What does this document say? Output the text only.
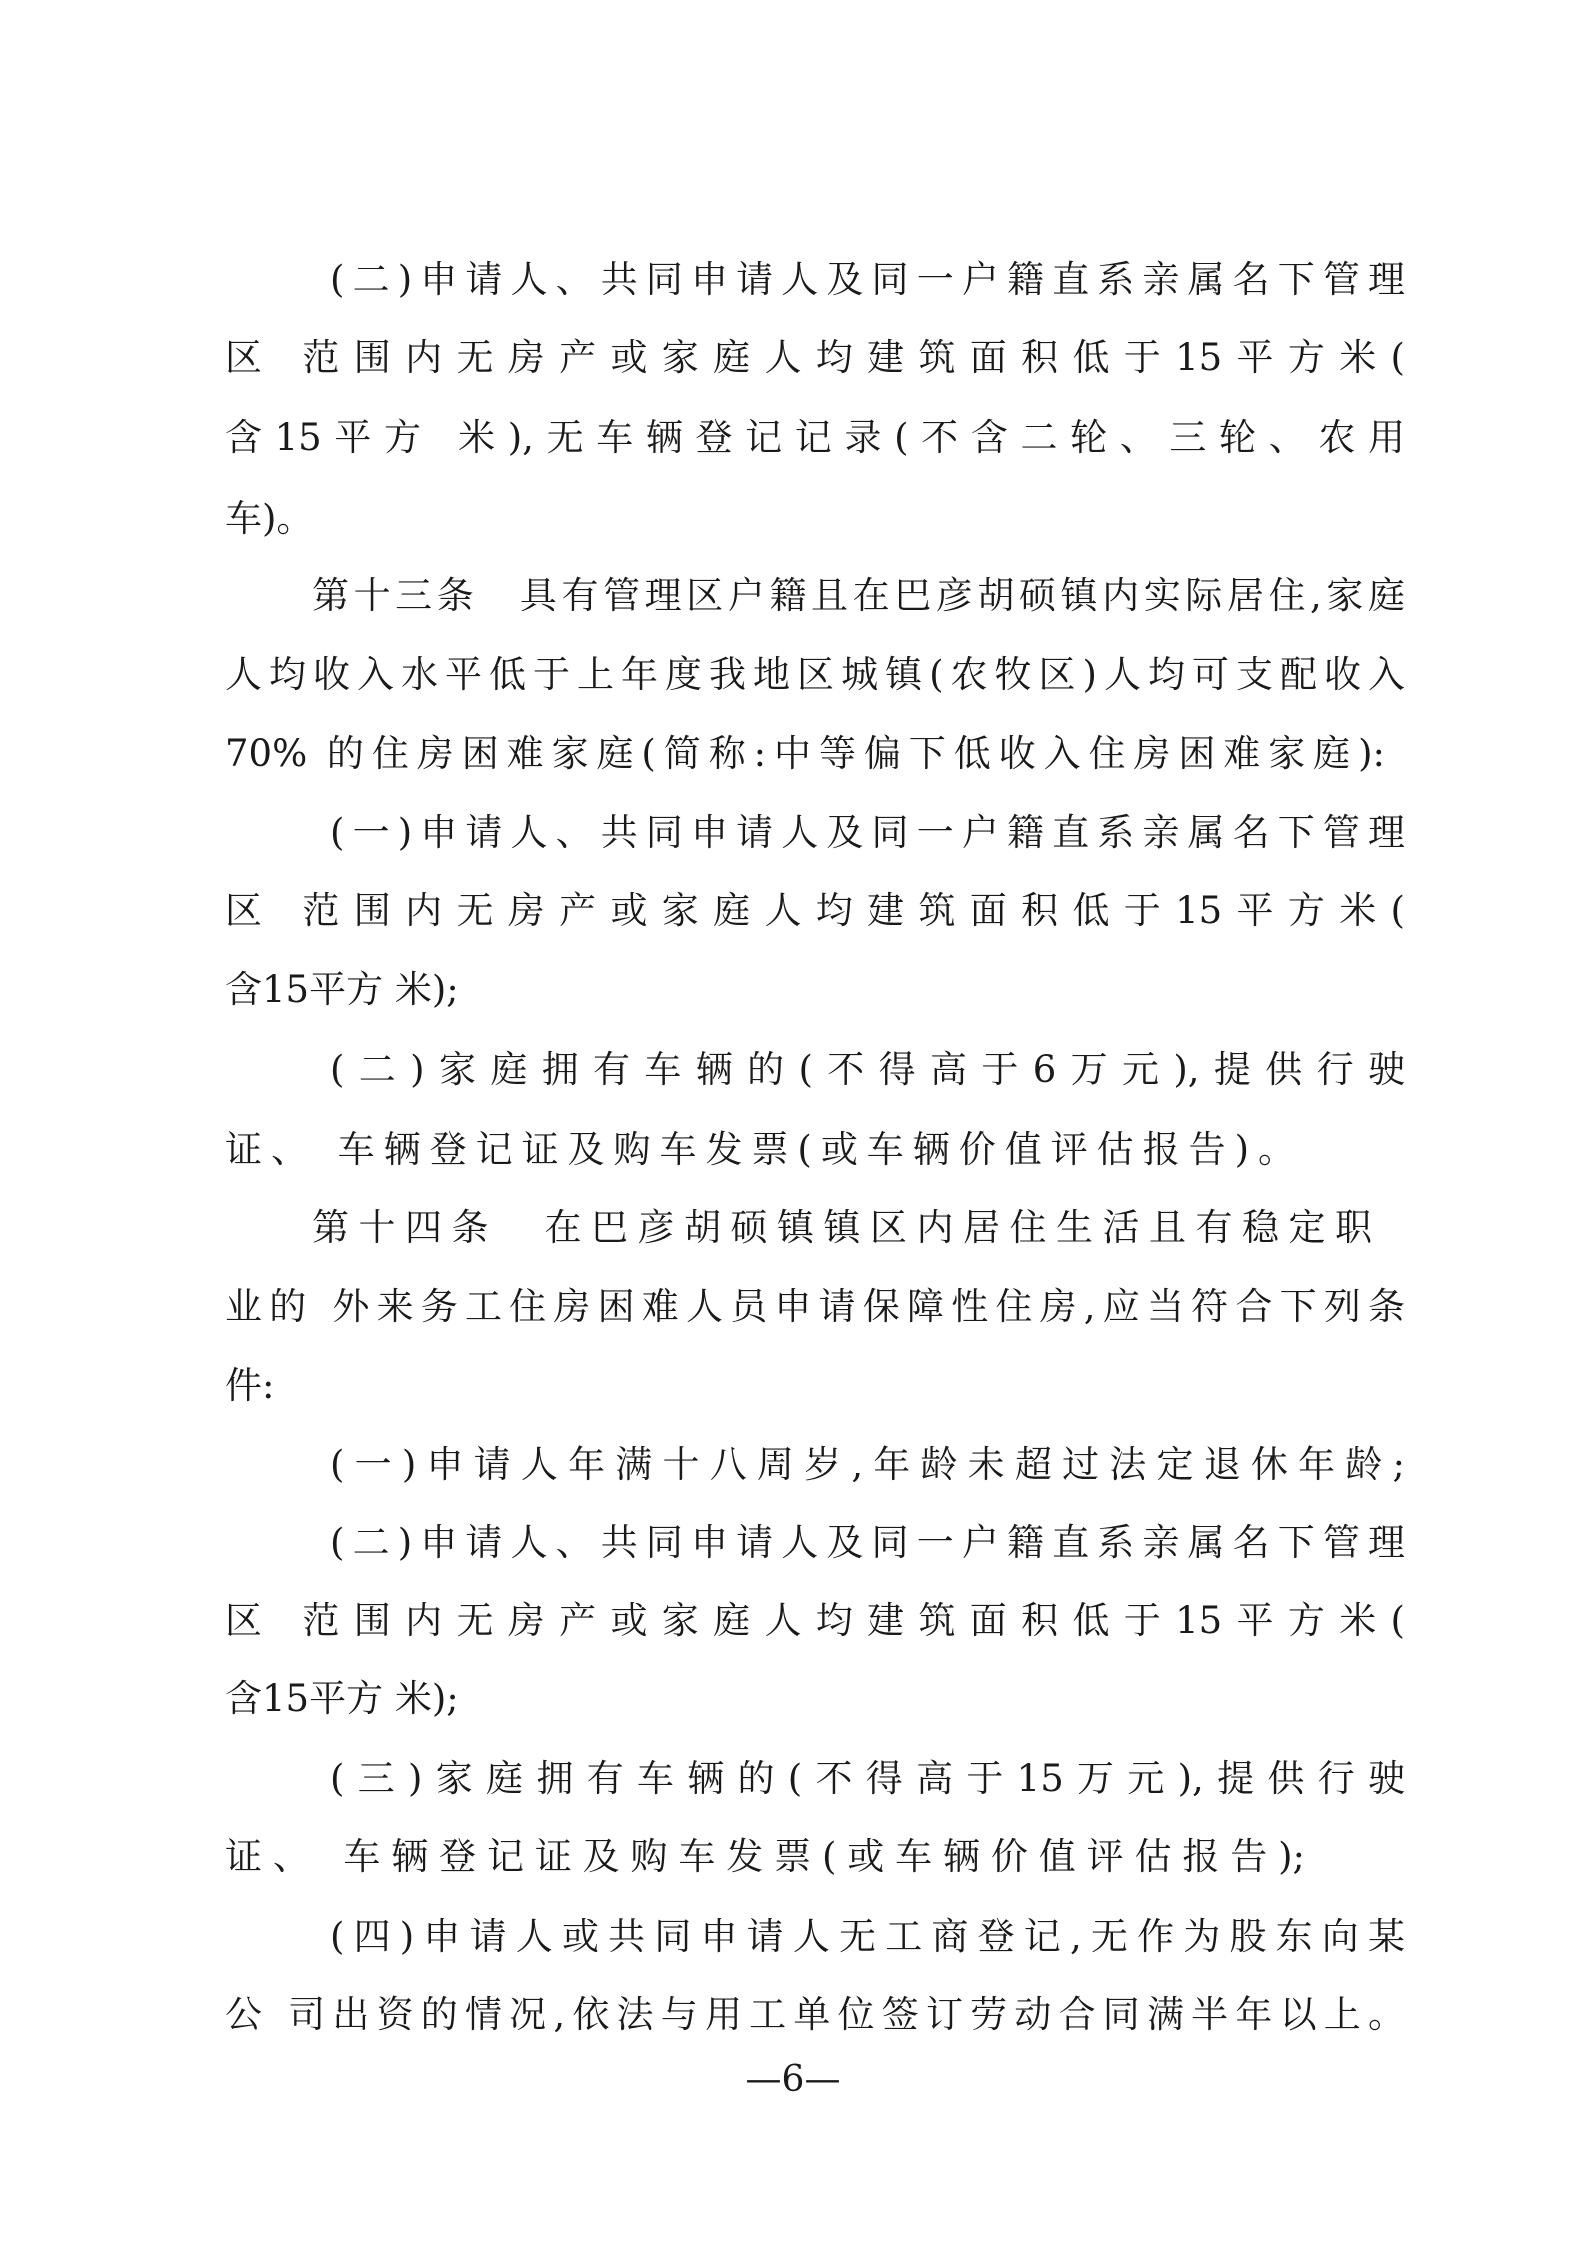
(二)申请人、共同申请人及同一户籍直系亲属名下管理
区 范围内无房产或家庭人均建筑面积低于15平方米(
含15平方 米),无车辆登记记录(不含二轮、三轮、农用
车)。
第十三条　具有管理区户籍且在巴彦胡硕镇内实际居住,家庭
人均收入水平低于上年度我地区城镇(农牧区)人均可支配收入
70% 的住房困难家庭(简称:中等偏下低收入住房困难家庭):
(一)申请人、共同申请人及同一户籍直系亲属名下管理
区 范围内无房产或家庭人均建筑面积低于15平方米(
含15平方 米);
(二)家庭拥有车辆的(不得高于6万元),提供行驶
证、 车辆登记证及购车发票(或车辆价值评估报告)。
第十四条　在巴彦胡硕镇镇区内居住生活且有稳定职
业的 外来务工住房困难人员申请保障性住房,应当符合下列条
件:
(一)申请人年满十八周岁,年龄未超过法定退休年龄;
(二)申请人、共同申请人及同一户籍直系亲属名下管理
区 范围内无房产或家庭人均建筑面积低于15平方米(
含15平方 米);
(三)家庭拥有车辆的(不得高于15万元),提供行驶
证、 车辆登记证及购车发票(或车辆价值评估报告);
(四)申请人或共同申请人无工商登记,无作为股东向某
公 司出资的情况,依法与用工单位签订劳动合同满半年以上。
—6—
